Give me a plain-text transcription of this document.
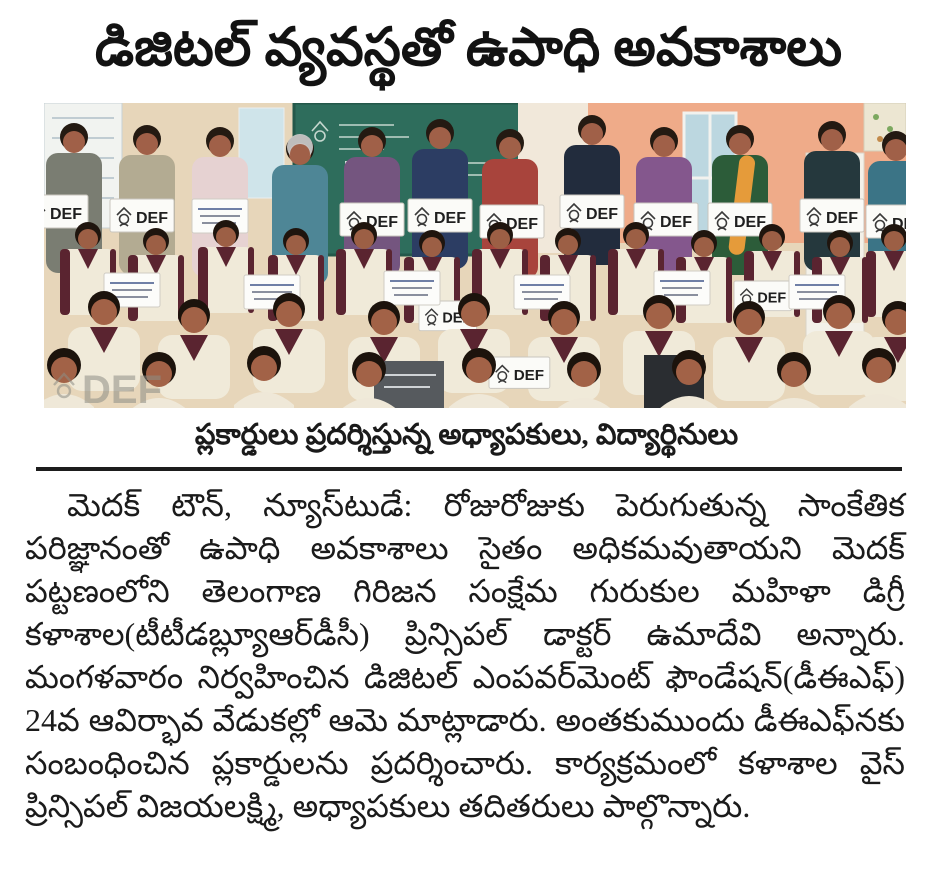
డిజిటల్ వ్యవస్థతో ఉపాధి అవకాశాలు
DEF
ప్లకార్డులు ప్రదర్శిస్తున్న అధ్యాపకులు, విద్యార్థినులు

మెదక్ టౌన్, న్యూస్‌టుడే: రోజురోజుకు పెరుగుతున్న సాంకేతిక పరిజ్ఞానంతో ఉపాధి అవకాశాలు సైతం అధికమవుతాయని మెదక్ పట్టణంలోని తెలంగాణ గిరిజన సంక్షేమ గురుకుల మహిళా డిగ్రీ కళాశాల(టీటీడబ్ల్యూఆర్‌డీసీ) ప్రిన్సిపల్ డాక్టర్ ఉమాదేవి అన్నారు. మంగళవారం నిర్వహించిన డిజిటల్ ఎంపవర్‌మెంట్ ఫౌండేషన్(డీఈఎఫ్) 24వ ఆవిర్భావ వేడుకల్లో ఆమె మాట్లాడారు. అంతకుముందు డీఈఎఫ్‌నకు సంబంధించిన ప్లకార్డులను ప్రదర్శించారు. కార్యక్రమంలో కళాశాల వైస్ ప్రిన్సిపల్ విజయలక్ష్మి, అధ్యాపకులు తదితరులు పాల్గొన్నారు.
